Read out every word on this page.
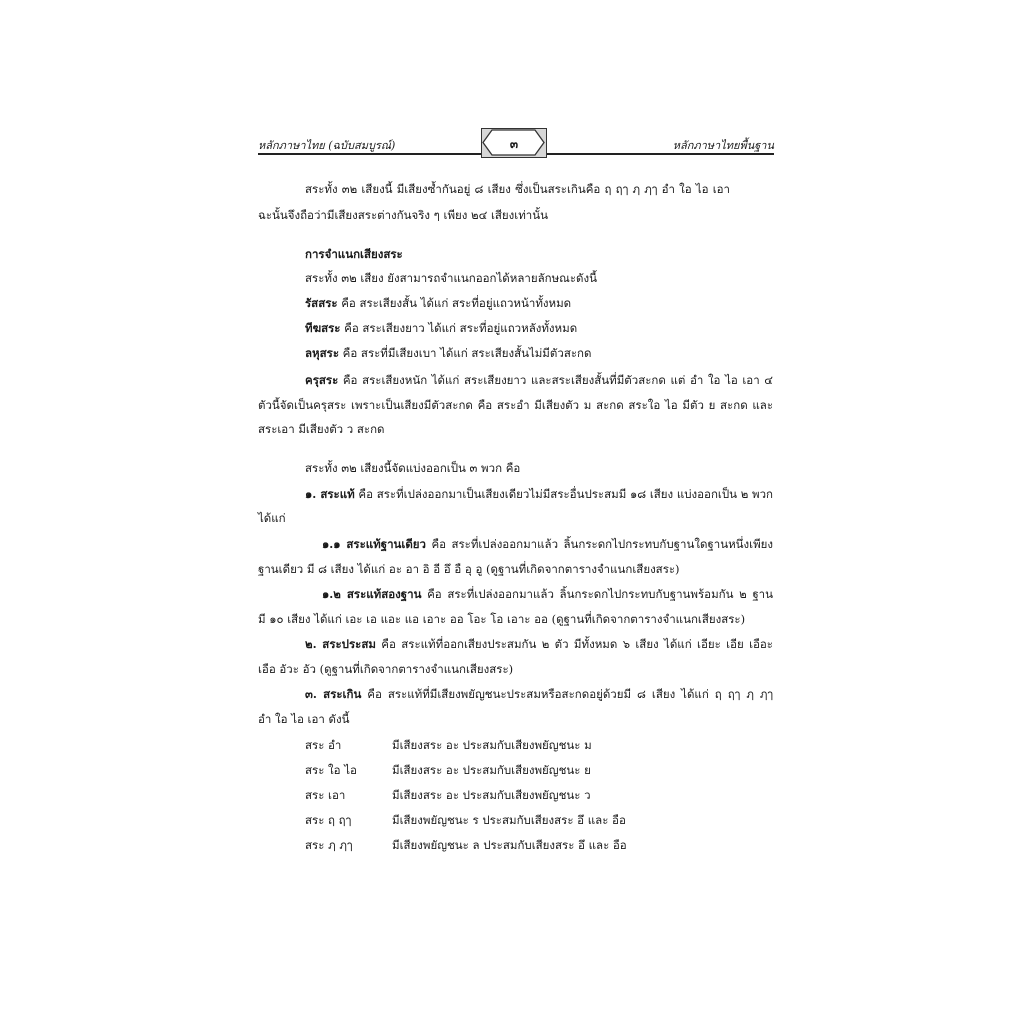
หลักภาษาไทย (ฉบับสมบูรณ์)	๓	หลักภาษาไทยพื้นฐาน
สระทั้ง ๓๒ เสียงนี้ มีเสียงซ้ำกันอยู่ ๘ เสียง ซึ่งเป็นสระเกินคือ ฤ ฤๅ ฦ ฦๅ อำ ใอ ไอ เอา
ฉะนั้นจึงถือว่ามีเสียงสระต่างกันจริง ๆ เพียง ๒๔ เสียงเท่านั้น
การจำแนกเสียงสระ
สระทั้ง ๓๒ เสียง ยังสามารถจำแนกออกได้หลายลักษณะดังนี้
รัสสระ คือ สระเสียงสั้น ได้แก่ สระที่อยู่แถวหน้าทั้งหมด
ทีฆสระ คือ สระเสียงยาว ได้แก่ สระที่อยู่แถวหลังทั้งหมด
ลหุสระ คือ สระที่มีเสียงเบา ได้แก่ สระเสียงสั้นไม่มีตัวสะกด
ครุสระ คือ สระเสียงหนัก ได้แก่ สระเสียงยาว และสระเสียงสั้นที่มีตัวสะกด แต่ อำ ใอ ไอ เอา ๔
ตัวนี้จัดเป็นครุสระ เพราะเป็นเสียงมีตัวสะกด คือ สระอำ มีเสียงตัว ม สะกด สระใอ ไอ มีตัว ย สะกด และ
สระเอา มีเสียงตัว ว สะกด
สระทั้ง ๓๒ เสียงนี้จัดแบ่งออกเป็น ๓ พวก คือ
๑. สระแท้ คือ สระที่เปล่งออกมาเป็นเสียงเดียวไม่มีสระอื่นประสมมี ๑๘ เสียง แบ่งออกเป็น ๒ พวก
ได้แก่
๑.๑ สระแท้ฐานเดียว คือ สระที่เปล่งออกมาแล้ว ลิ้นกระดกไปกระทบกับฐานใดฐานหนึ่งเพียง
ฐานเดียว มี ๘ เสียง ได้แก่ อะ อา อิ อี อึ อื อุ อู (ดูฐานที่เกิดจากตารางจำแนกเสียงสระ)
๑.๒ สระแท้สองฐาน คือ สระที่เปล่งออกมาแล้ว ลิ้นกระดกไปกระทบกับฐานพร้อมกัน ๒ ฐาน
มี ๑๐ เสียง ได้แก่ เอะ เอ แอะ แอ เอาะ ออ โอะ โอ เอาะ ออ (ดูฐานที่เกิดจากตารางจำแนกเสียงสระ)
๒. สระประสม คือ สระแท้ที่ออกเสียงประสมกัน ๒ ตัว มีทั้งหมด ๖ เสียง ได้แก่ เอียะ เอีย เอือะ
เอือ อัวะ อัว (ดูฐานที่เกิดจากตารางจำแนกเสียงสระ)
๓. สระเกิน คือ สระแท้ที่มีเสียงพยัญชนะประสมหรือสะกดอยู่ด้วยมี ๘ เสียง ได้แก่ ฤ ฤๅ ฦ ฦๅ
อำ ใอ ไอ เอา ดังนี้
สระ อำ	มีเสียงสระ อะ ประสมกับเสียงพยัญชนะ ม
สระ ใอ ไอ	มีเสียงสระ อะ ประสมกับเสียงพยัญชนะ ย
สระ เอา	มีเสียงสระ อะ ประสมกับเสียงพยัญชนะ ว
สระ ฤ ฤๅ	มีเสียงพยัญชนะ ร ประสมกับเสียงสระ อึ และ อือ
สระ ฦ ฦๅ	มีเสียงพยัญชนะ ล ประสมกับเสียงสระ อึ และ อือ
